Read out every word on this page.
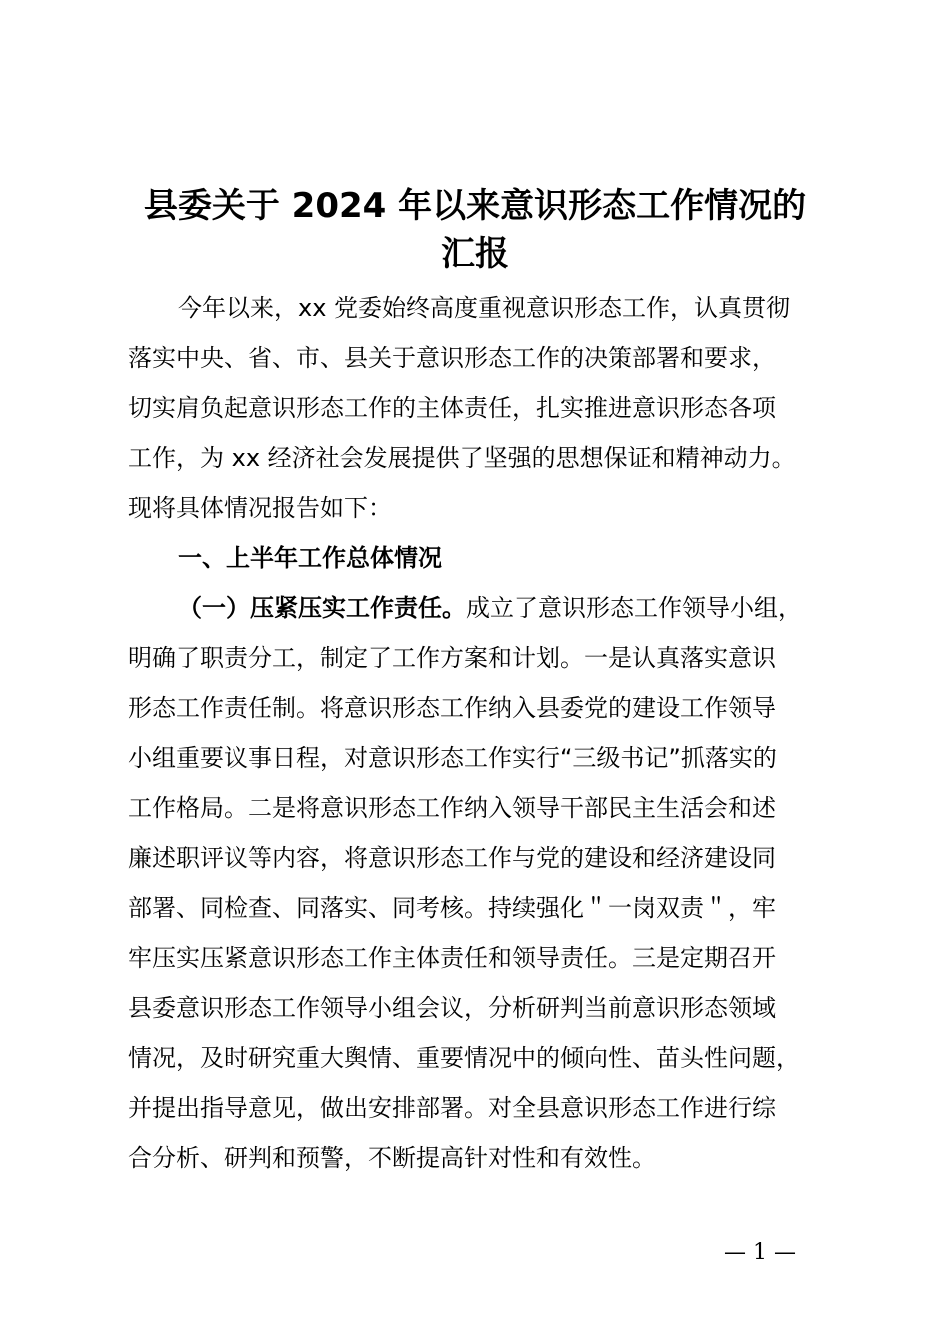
县委关于 2024 年以来意识形态工作情况的
汇报
今年以来，xx 党委始终高度重视意识形态工作，认真贯彻
落实中央、省、市、县关于意识形态工作的决策部署和要求，
切实肩负起意识形态工作的主体责任，扎实推进意识形态各项
工作，为 xx 经济社会发展提供了坚强的思想保证和精神动力。
现将具体情况报告如下：
一、上半年工作总体情况
（一）压紧压实工作责任。成立了意识形态工作领导小组，
明确了职责分工，制定了工作方案和计划。一是认真落实意识
形态工作责任制。将意识形态工作纳入县委党的建设工作领导
小组重要议事日程，对意识形态工作实行“三级书记”抓落实的
工作格局。二是将意识形态工作纳入领导干部民主生活会和述
廉述职评议等内容，将意识形态工作与党的建设和经济建设同
部署、同检查、同落实、同考核。持续强化＂一岗双责＂，牢
牢压实压紧意识形态工作主体责任和领导责任。三是定期召开
县委意识形态工作领导小组会议，分析研判当前意识形态领域
情况，及时研究重大舆情、重要情况中的倾向性、苗头性问题，
并提出指导意见，做出安排部署。对全县意识形态工作进行综
合分析、研判和预警，不断提高针对性和有效性。
— 1 —
